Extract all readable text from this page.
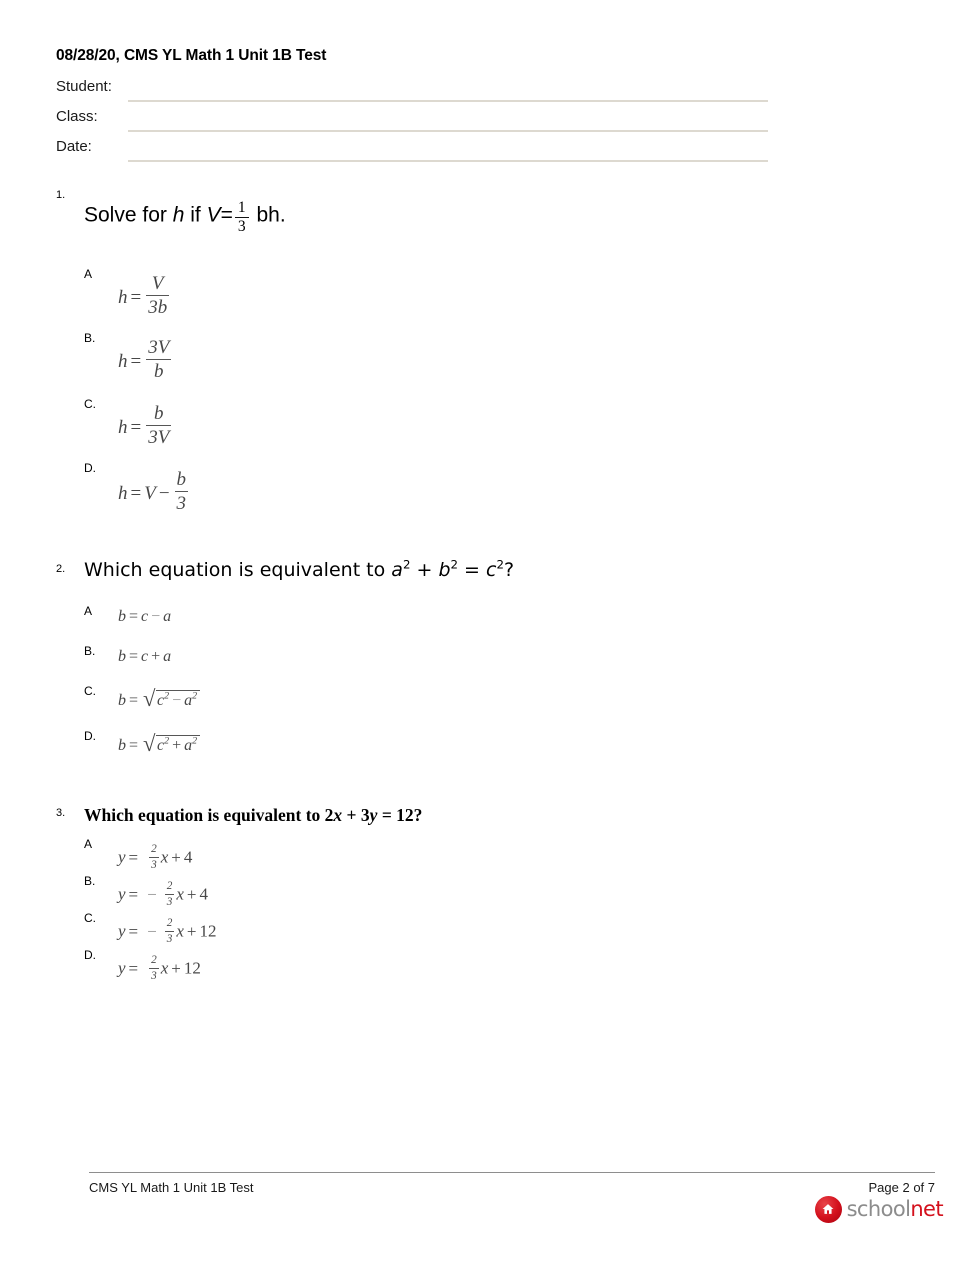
08/28/20, CMS YL Math 1 Unit 1B Test
Student:
Class:
Date:
1.
Solve for h if $V= \frac{1}{3}$ bh.
A
$h = \frac{V}{3b}$
B.
$h = \frac{3V}{b}$
C.
$h = \frac{b}{3V}$
D.
$h = V - \frac{b}{3}$
2. Which equation is equivalent to $a^2 + b^2 = c^2$?
A b = c − a
B. b = c + a
C.
b = √ $c^2 - a^2$
D.
b = √ $c^2 + a^2$
3. Which equation is equivalent to 2x + 3y = 12?
A
$y = \frac{2}{3}$ x + 4
B.
y = − $\frac{2}{3}$ x + 4
C.
y = − $\frac{2}{3}$ x + 12
D.
$y = \frac{2}{3}$ x + 12
CMS YL Math 1 Unit 1B Test	Page 2 of 7
schoolnet
